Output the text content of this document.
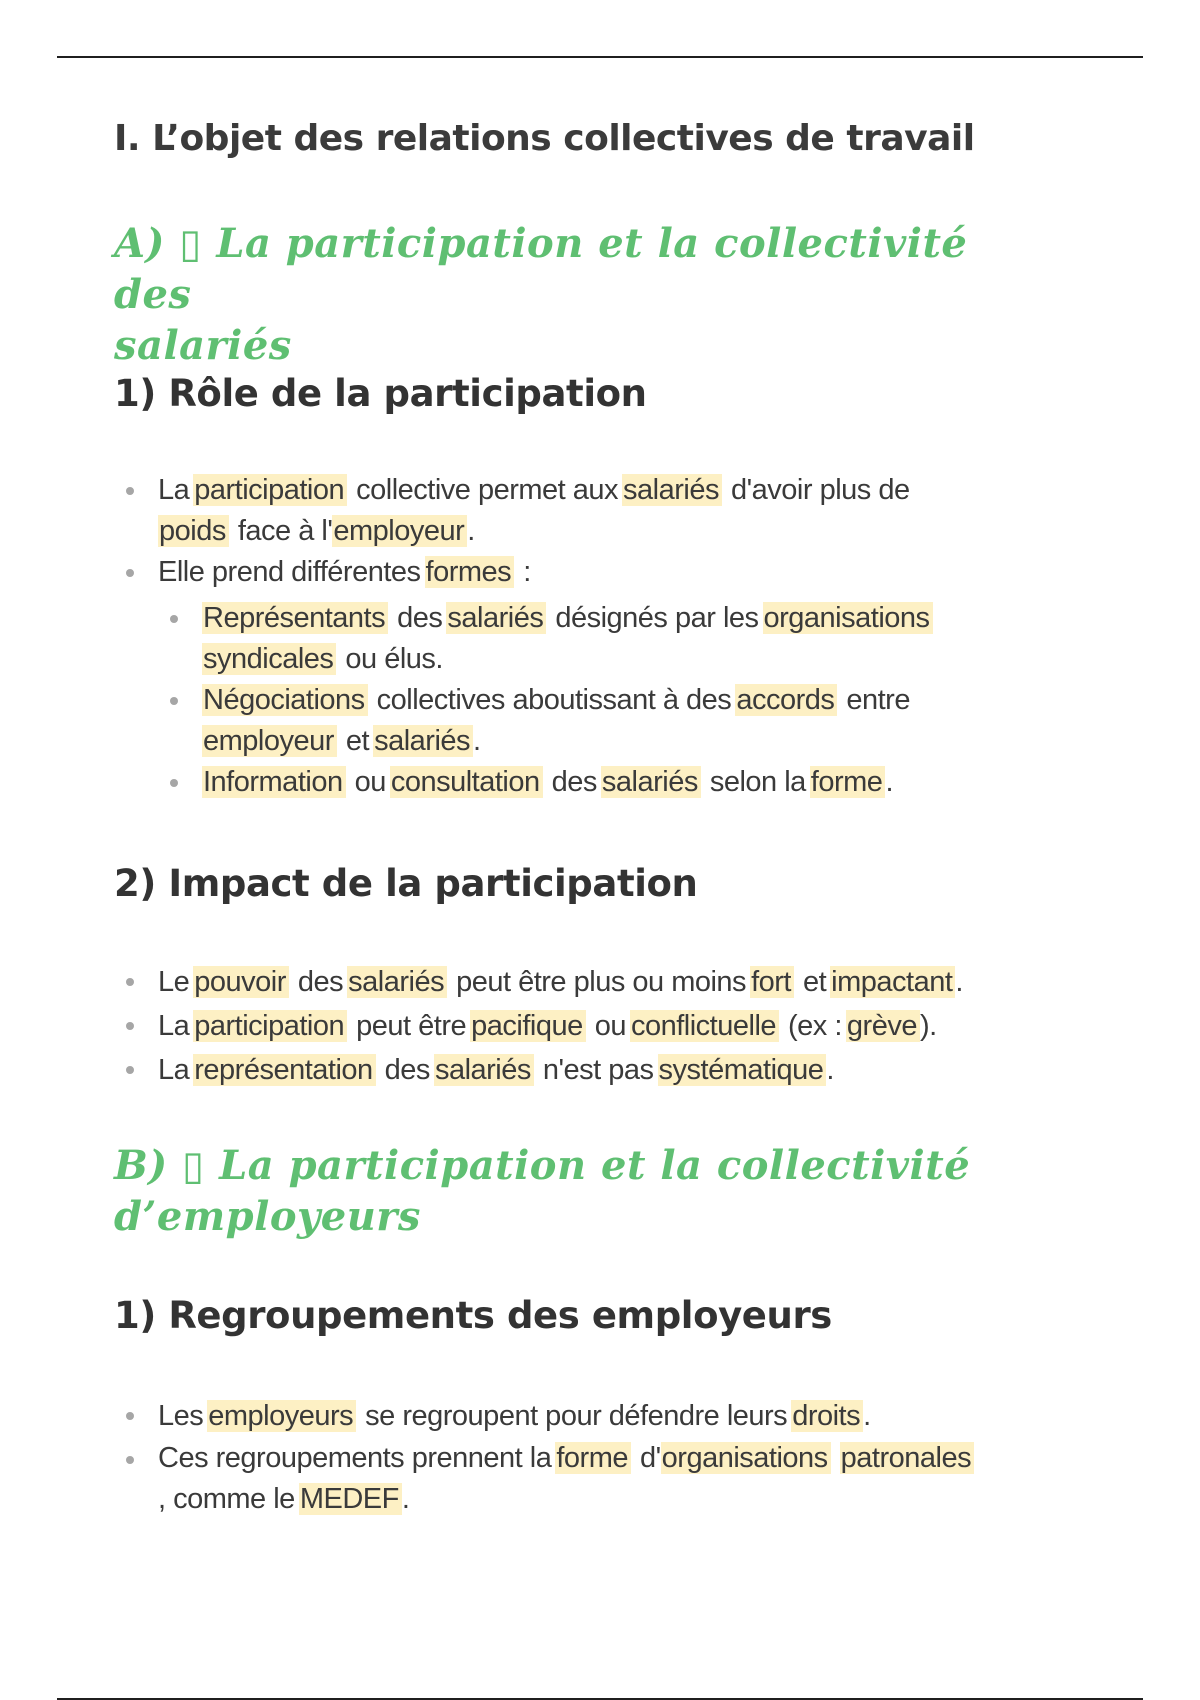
I. L’objet des relations collectives de travail
A) ▯ La participation et la collectivité des
salariés
1) Rôle de la participation
La participation collective permet aux salariés d'avoir plus de
poids face à l'employeur .
Elle prend différentes formes :
Représentants des salariés désignés par les organisations
syndicales ou élus.
Négociations collectives aboutissant à des accords entre
employeur et salariés .
Information ou consultation des salariés selon la forme .
2) Impact de la participation
Le pouvoir des salariés peut être plus ou moins fort et impactant .
La participation peut être pacifique ou conflictuelle (ex : grève ).
La représentation des salariés n'est pas systématique .
B) ▯ La participation et la collectivité
d’employeurs
1) Regroupements des employeurs
Les employeurs se regroupent pour défendre leurs droits .
Ces regroupements prennent la forme d'organisations patronales
, comme le MEDEF .
